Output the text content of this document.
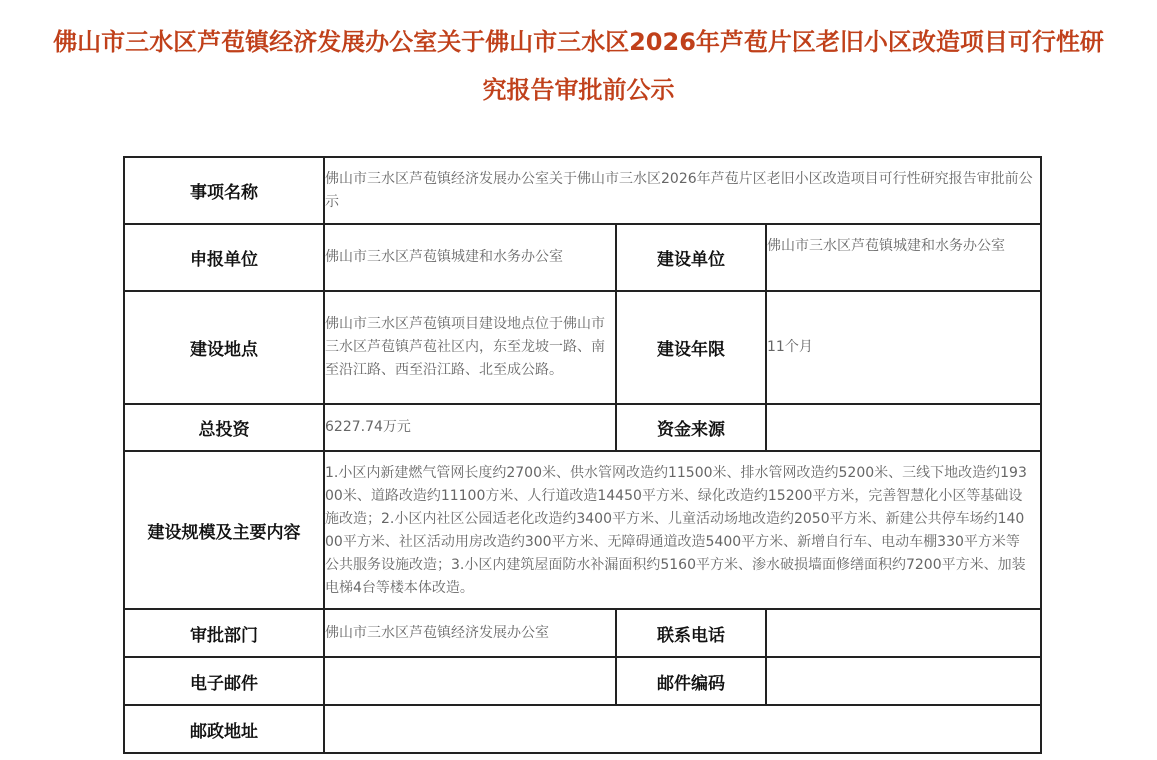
佛山市三水区芦苞镇经济发展办公室关于佛山市三水区2026年芦苞片区老旧小区改造项目可行性研
究报告审批前公示
事项名称	佛山市三水区芦苞镇经济发展办公室关于佛山市三水区2026年芦苞片区老旧小区改造项目可行性研究报告审批前公示		
申报单位	佛山市三水区芦苞镇城建和水务办公室	建设单位	佛山市三水区芦苞镇城建和水务办公室
建设地点	佛山市三水区芦苞镇项目建设地点位于佛山市三水区芦苞镇芦苞社区内，东至龙坡一路、南至沿江路、西至沿江路、北至成公路。	建设年限	11个月
总投资	6227.74万元	资金来源	
建设规模及主要内容	1.小区内新建燃气管网长度约2700米、供水管网改造约11500米、排水管网改造约5200米、三线下地改造约19300米、道路改造约11100方米、人行道改造14450平方米、绿化改造约15200平方米，完善智慧化小区等基础设施改造；2.小区内社区公园适老化改造约3400平方米、儿童活动场地改造约2050平方米、新建公共停车场约14000平方米、社区活动用房改造约300平方米、无障碍通道改造5400平方米、新增自行车、电动车棚330平方米等公共服务设施改造；3.小区内建筑屋面防水补漏面积约5160平方米、渗水破损墙面修缮面积约7200平方米、加装电梯4台等楼本体改造。		
审批部门	佛山市三水区芦苞镇经济发展办公室	联系电话	
电子邮件		邮件编码	
邮政地址			
